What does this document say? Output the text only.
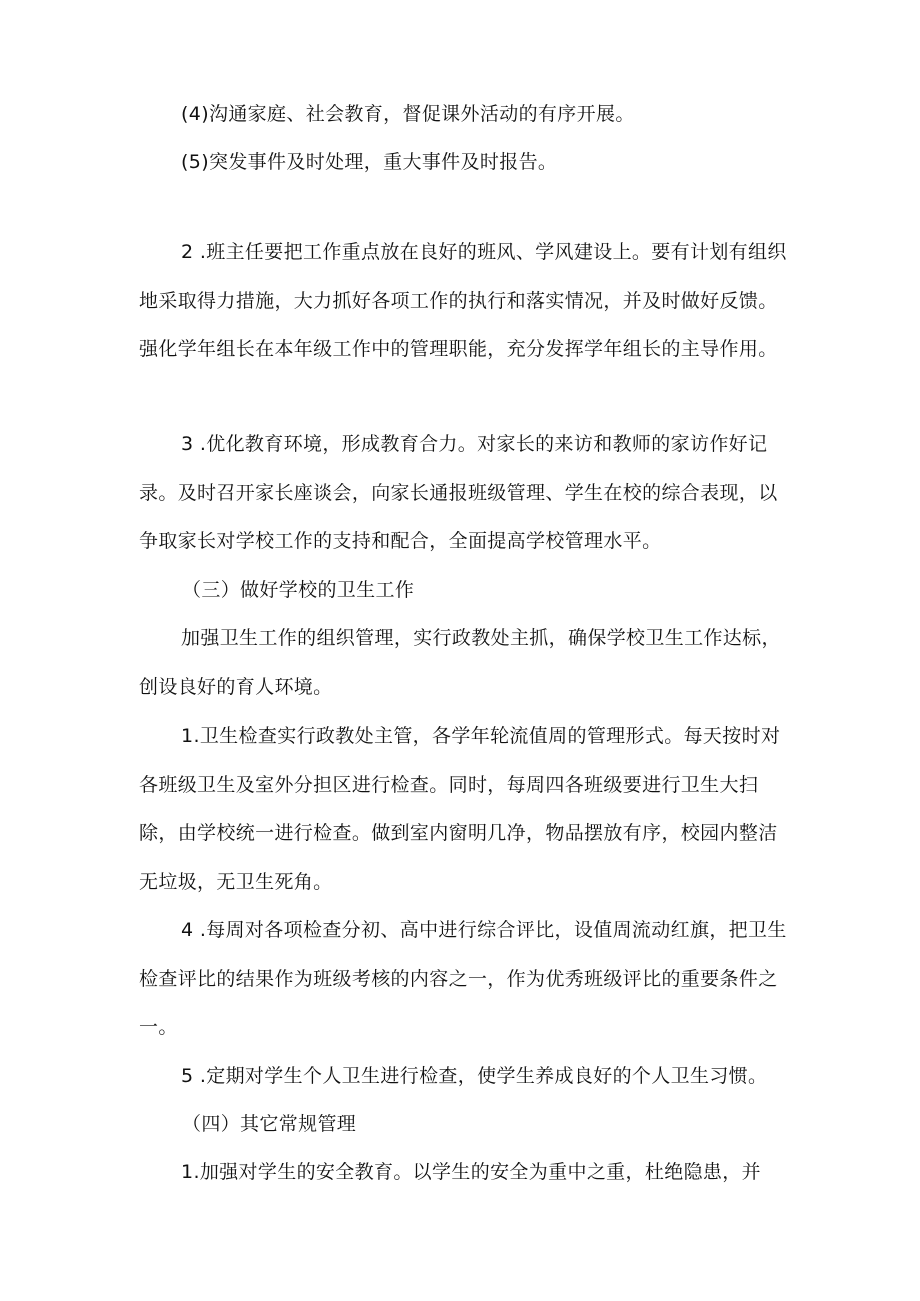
(4)沟通家庭、社会教育，督促课外活动的有序开展。
(5)突发事件及时处理，重大事件及时报告。
2 .班主任要把工作重点放在良好的班风、学风建设上。要有计划有组织地采取得力措施，大力抓好各项工作的执行和落实情况，并及时做好反馈。强化学年组长在本年级工作中的管理职能，充分发挥学年组长的主导作用。
3 .优化教育环境，形成教育合力。对家长的来访和教师的家访作好记录。及时召开家长座谈会，向家长通报班级管理、学生在校的综合表现，以争取家长对学校工作的支持和配合，全面提高学校管理水平。
（三）做好学校的卫生工作
加强卫生工作的组织管理，实行政教处主抓，确保学校卫生工作达标，创设良好的育人环境。
1.卫生检查实行政教处主管，各学年轮流值周的管理形式。每天按时对各班级卫生及室外分担区进行检查。同时，每周四各班级要进行卫生大扫除，由学校统一进行检查。做到室内窗明几净，物品摆放有序，校园内整洁无垃圾，无卫生死角。
4 .每周对各项检查分初、高中进行综合评比，设值周流动红旗，把卫生检查评比的结果作为班级考核的内容之一，作为优秀班级评比的重要条件之一。
5 .定期对学生个人卫生进行检查，使学生养成良好的个人卫生习惯。
（四）其它常规管理
1.加强对学生的安全教育。以学生的安全为重中之重，杜绝隐患，并
